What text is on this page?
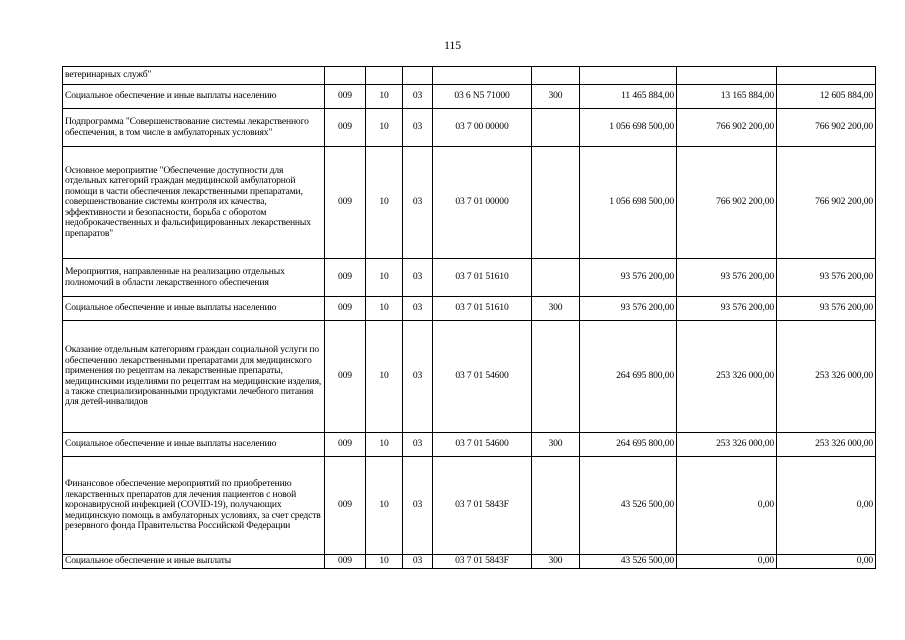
115
ветеринарных служб"								
Социальное обеспечение и иные выплаты населению	009	10	03	03 6 N5 71000	300	11 465 884,00	13 165 884,00	12 605 884,00
Подпрограмма "Совершенствование системы лекарственного обеспечения, в том числе в амбулаторных условиях"	009	10	03	03 7 00 00000		1 056 698 500,00	766 902 200,00	766 902 200,00
Основное мероприятие "Обеспечение доступности для отдельных категорий граждан медицинской амбулаторной помощи в части обеспечения лекарственными препаратами, совершенствование системы контроля их качества, эффективности и безопасности, борьба с оборотом недоброкачественных и фальсифицированных лекарственных препаратов"	009	10	03	03 7 01 00000		1 056 698 500,00	766 902 200,00	766 902 200,00
Мероприятия, направленные на реализацию отдельных полномочий в области лекарственного обеспечения	009	10	03	03 7 01 51610		93 576 200,00	93 576 200,00	93 576 200,00
Социальное обеспечение и иные выплаты населению	009	10	03	03 7 01 51610	300	93 576 200,00	93 576 200,00	93 576 200,00
Оказание отдельным категориям граждан социальной услуги по обеспечению лекарственными препаратами для медицинского применения по рецептам на лекарственные препараты, медицинскими изделиями по рецептам на медицинские изделия, а также специализированными продуктами лечебного питания для детей-инвалидов	009	10	03	03 7 01 54600		264 695 800,00	253 326 000,00	253 326 000,00
Социальное обеспечение и иные выплаты населению	009	10	03	03 7 01 54600	300	264 695 800,00	253 326 000,00	253 326 000,00
Финансовое обеспечение мероприятий по приобретению лекарственных препаратов для лечения пациентов с новой коронавирусной инфекцией (COVID-19), получающих медицинскую помощь в амбулаторных условиях, за счет средств резервного фонда Правительства Российской Федерации	009	10	03	03 7 01 5843F		43 526 500,00	0,00	0,00
Социальное обеспечение и иные выплаты	009	10	03	03 7 01 5843F	300	43 526 500,00	0,00	0,00
